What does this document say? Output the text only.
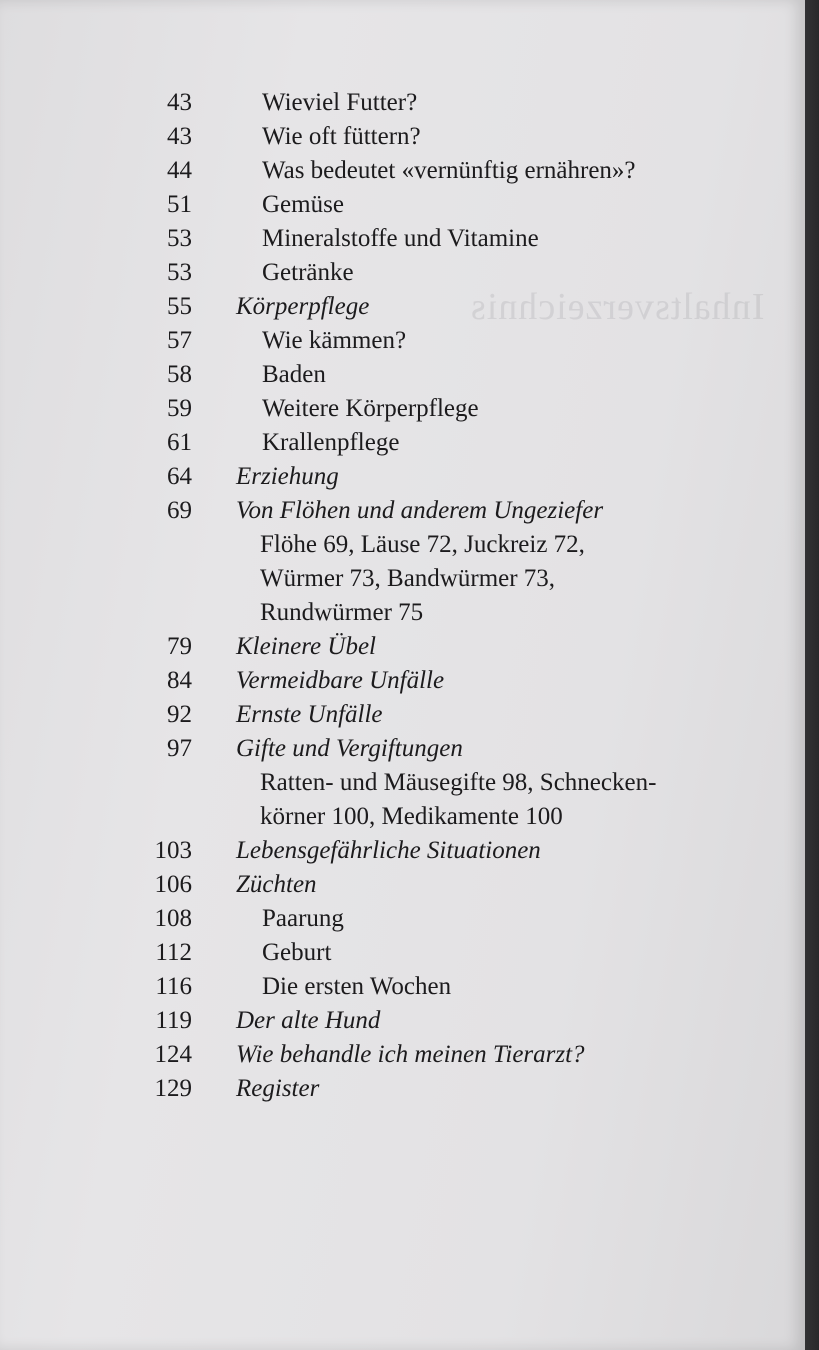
Inhaltsverzeichnis
43	Wieviel Futter?
43	Wie oft füttern?
44	Was bedeutet «vernünftig ernähren»?
51	Gemüse
53	Mineralstoffe und Vitamine
53	Getränke
55 Körperpflege
57	Wie kämmen?
58	Baden
59	Weitere Körperpflege
61	Krallenpflege
64 Erziehung
69 Von Flöhen und anderem Ungeziefer
Flöhe 69, Läuse 72, Juckreiz 72,
Würmer 73, Bandwürmer 73,
Rundwürmer 75
79 Kleinere Übel
84 Vermeidbare Unfälle
92 Ernste Unfälle
97 Gifte und Vergiftungen
Ratten- und Mäusegifte 98, Schnecken-
körner 100, Medikamente 100
103 Lebensgefährliche Situationen
106 Züchten
108	Paarung
112	Geburt
116	Die ersten Wochen
119 Der alte Hund
124 Wie behandle ich meinen Tierarzt?
129 Register
